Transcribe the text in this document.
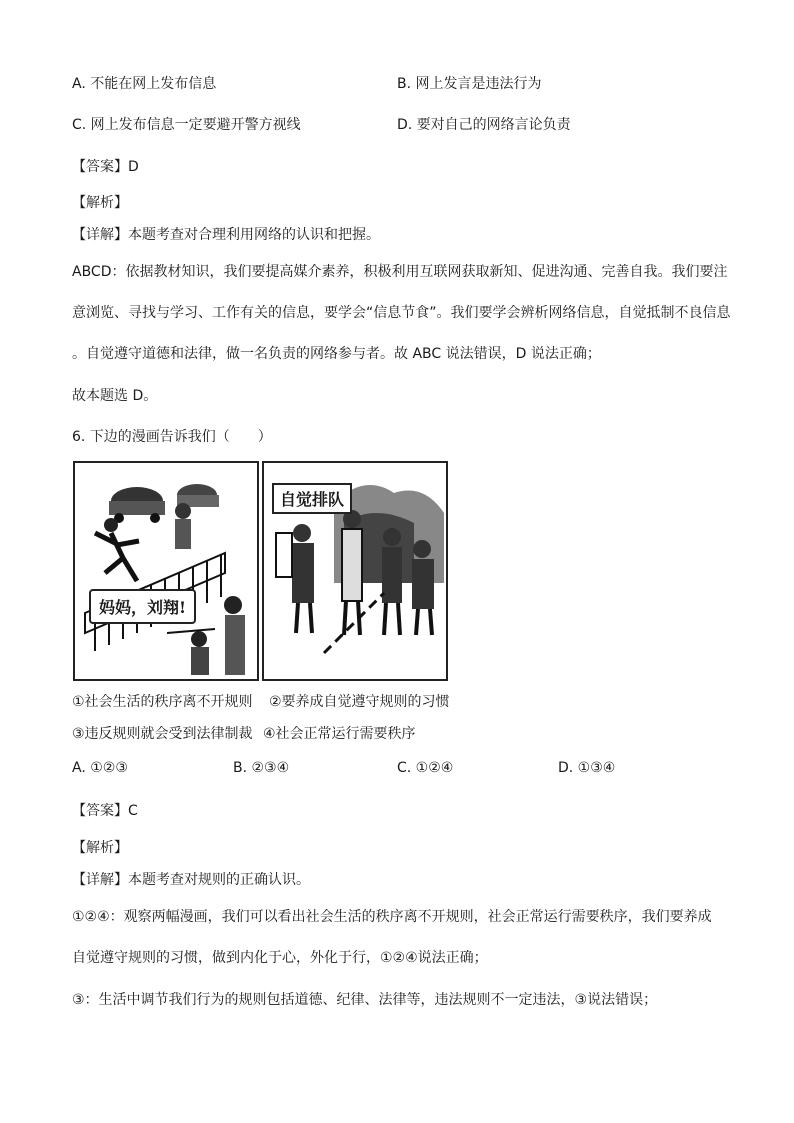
A. 不能在网上发布信息	B. 网上发言是违法行为
C. 网上发布信息一定要避开警方视线	D. 要对自己的网络言论负责
【答案】D
【解析】
【详解】本题考查对合理利用网络的认识和把握。
ABCD：依据教材知识，我们要提高媒介素养，积极利用互联网获取新知、促进沟通、完善自我。我们要注
意浏览、寻找与学习、工作有关的信息，要学会“信息节食”。我们要学会辨析网络信息，自觉抵制不良信息
。自觉遵守道德和法律，做一名负责的网络参与者。故 ABC 说法错误，D 说法正确；
故本题选 D。
6. 下边的漫画告诉我们（　　）
妈妈，刘翔!
自觉排队
①社会生活的秩序离不开规则 ②要养成自觉遵守规则的习惯
③违反规则就会受到法律制裁 ④社会正常运行需要秩序
A. ①②③	B. ②③④	C. ①②④	D. ①③④
【答案】C
【解析】
【详解】本题考查对规则的正确认识。
①②④：观察两幅漫画，我们可以看出社会生活的秩序离不开规则，社会正常运行需要秩序，我们要养成
自觉遵守规则的习惯，做到内化于心，外化于行，①②④说法正确；
③：生活中调节我们行为的规则包括道德、纪律、法律等，违法规则不一定违法，③说法错误；
